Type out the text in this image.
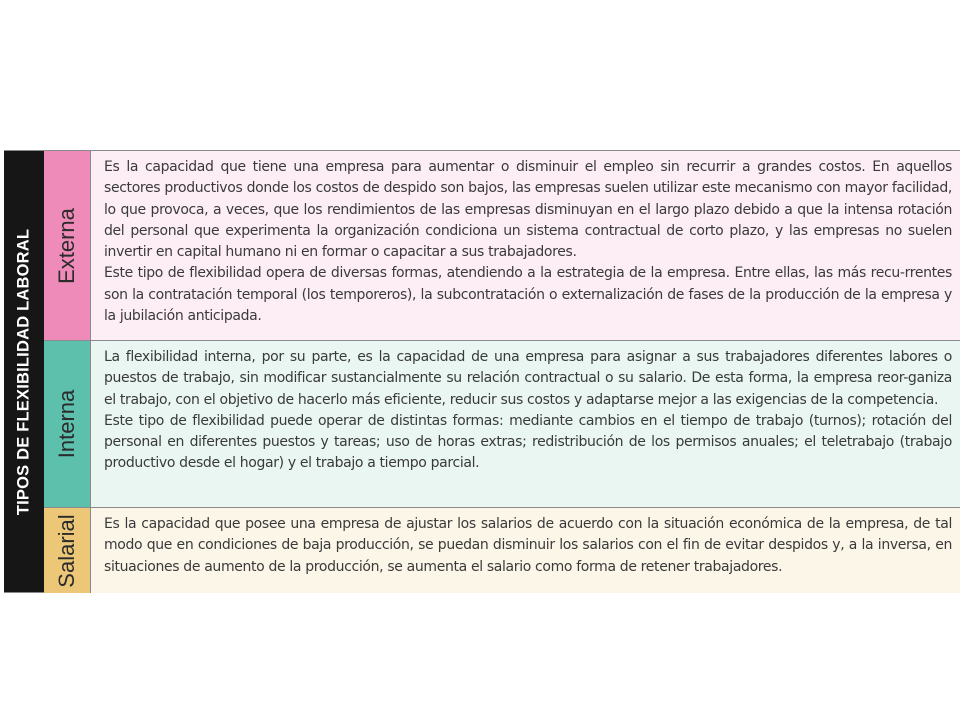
TIPOS DE FLEXIBILIDAD LABORAL Externa

Es la capacidad que tiene una empresa para aumentar o disminuir el empleo sin recurrir a grandes costos. En aquellos sectores productivos donde los costos de despido son bajos, las empresas suelen utilizar este mecanismo con mayor facilidad, lo que provoca, a veces, que los rendimientos de las empresas disminuyan en el largo plazo debido a que la intensa rotación del personal que experimenta la organización condiciona un sistema contractual de corto plazo, y las empresas no suelen invertir en capital humano ni en formar o capacitar a sus trabajadores.

Este tipo de flexibilidad opera de diversas formas, atendiendo a la estrategia de la empresa. Entre ellas, las más recu-rrentes son la contratación temporal (los temporeros), la subcontratación o externalización de fases de la producción de la empresa y la jubilación anticipada.

Interna

La flexibilidad interna, por su parte, es la capacidad de una empresa para asignar a sus trabajadores diferentes labores o puestos de trabajo, sin modificar sustancialmente su relación contractual o su salario. De esta forma, la empresa reor-ganiza el trabajo, con el objetivo de hacerlo más eficiente, reducir sus costos y adaptarse mejor a las exigencias de la competencia.

Este tipo de flexibilidad puede operar de distintas formas: mediante cambios en el tiempo de trabajo (turnos); rotación del personal en diferentes puestos y tareas; uso de horas extras; redistribución de los permisos anuales; el teletrabajo (trabajo productivo desde el hogar) y el trabajo a tiempo parcial.

Salarial Es la capacidad que posee una empresa de ajustar los salarios de acuerdo con la situación económica de la empresa, de tal modo que en condiciones de baja producción, se puedan disminuir los salarios con el fin de evitar despidos y, a la inversa, en situaciones de aumento de la producción, se aumenta el salario como forma de retener trabajadores.
